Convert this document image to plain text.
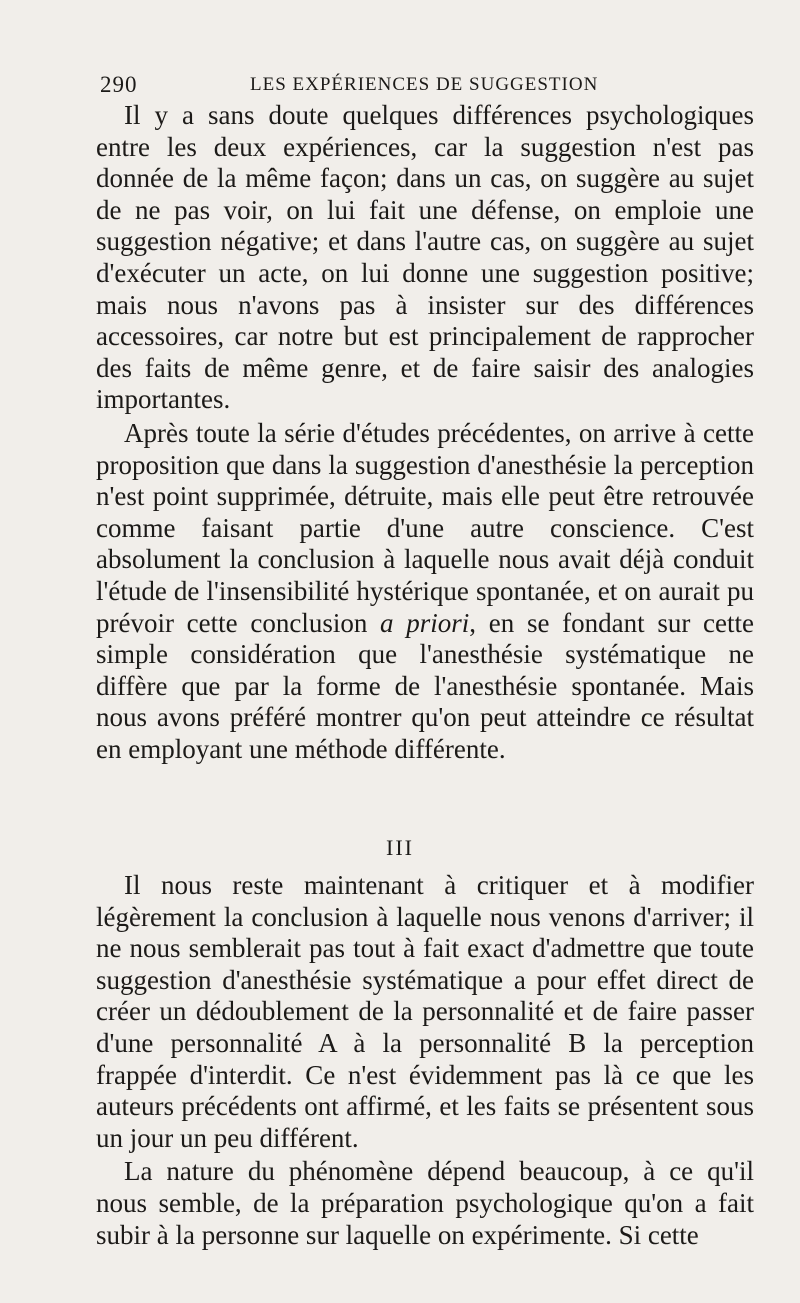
290	LES EXPÉRIENCES DE SUGGESTION

Il y a sans doute quelques différences psychologiques entre les deux expériences, car la suggestion n'est pas donnée de la même façon; dans un cas, on suggère au sujet de ne pas voir, on lui fait une défense, on emploie une suggestion négative; et dans l'autre cas, on suggère au sujet d'exécuter un acte, on lui donne une suggestion positive; mais nous n'avons pas à insister sur des différences accessoires, car notre but est principalement de rapprocher des faits de même genre, et de faire saisir des analogies importantes.

Après toute la série d'études précédentes, on arrive à cette proposition que dans la suggestion d'anesthésie la perception n'est point supprimée, détruite, mais elle peut être retrouvée comme faisant partie d'une autre conscience. C'est absolument la conclusion à laquelle nous avait déjà conduit l'étude de l'insensibilité hystérique spontanée, et on aurait pu prévoir cette conclusion a priori, en se fondant sur cette simple considération que l'anesthésie systématique ne diffère que par la forme de l'anesthésie spontanée. Mais nous avons préféré montrer qu'on peut atteindre ce résultat en employant une méthode différente.

III

Il nous reste maintenant à critiquer et à modifier légèrement la conclusion à laquelle nous venons d'arriver; il ne nous semblerait pas tout à fait exact d'admettre que toute suggestion d'anesthésie systématique a pour effet direct de créer un dédoublement de la personnalité et de faire passer d'une personnalité A à la personnalité B la perception frappée d'interdit. Ce n'est évidemment pas là ce que les auteurs précédents ont affirmé, et les faits se présentent sous un jour un peu différent.

La nature du phénomène dépend beaucoup, à ce qu'il nous semble, de la préparation psychologique qu'on a fait subir à la personne sur laquelle on expérimente. Si cette
